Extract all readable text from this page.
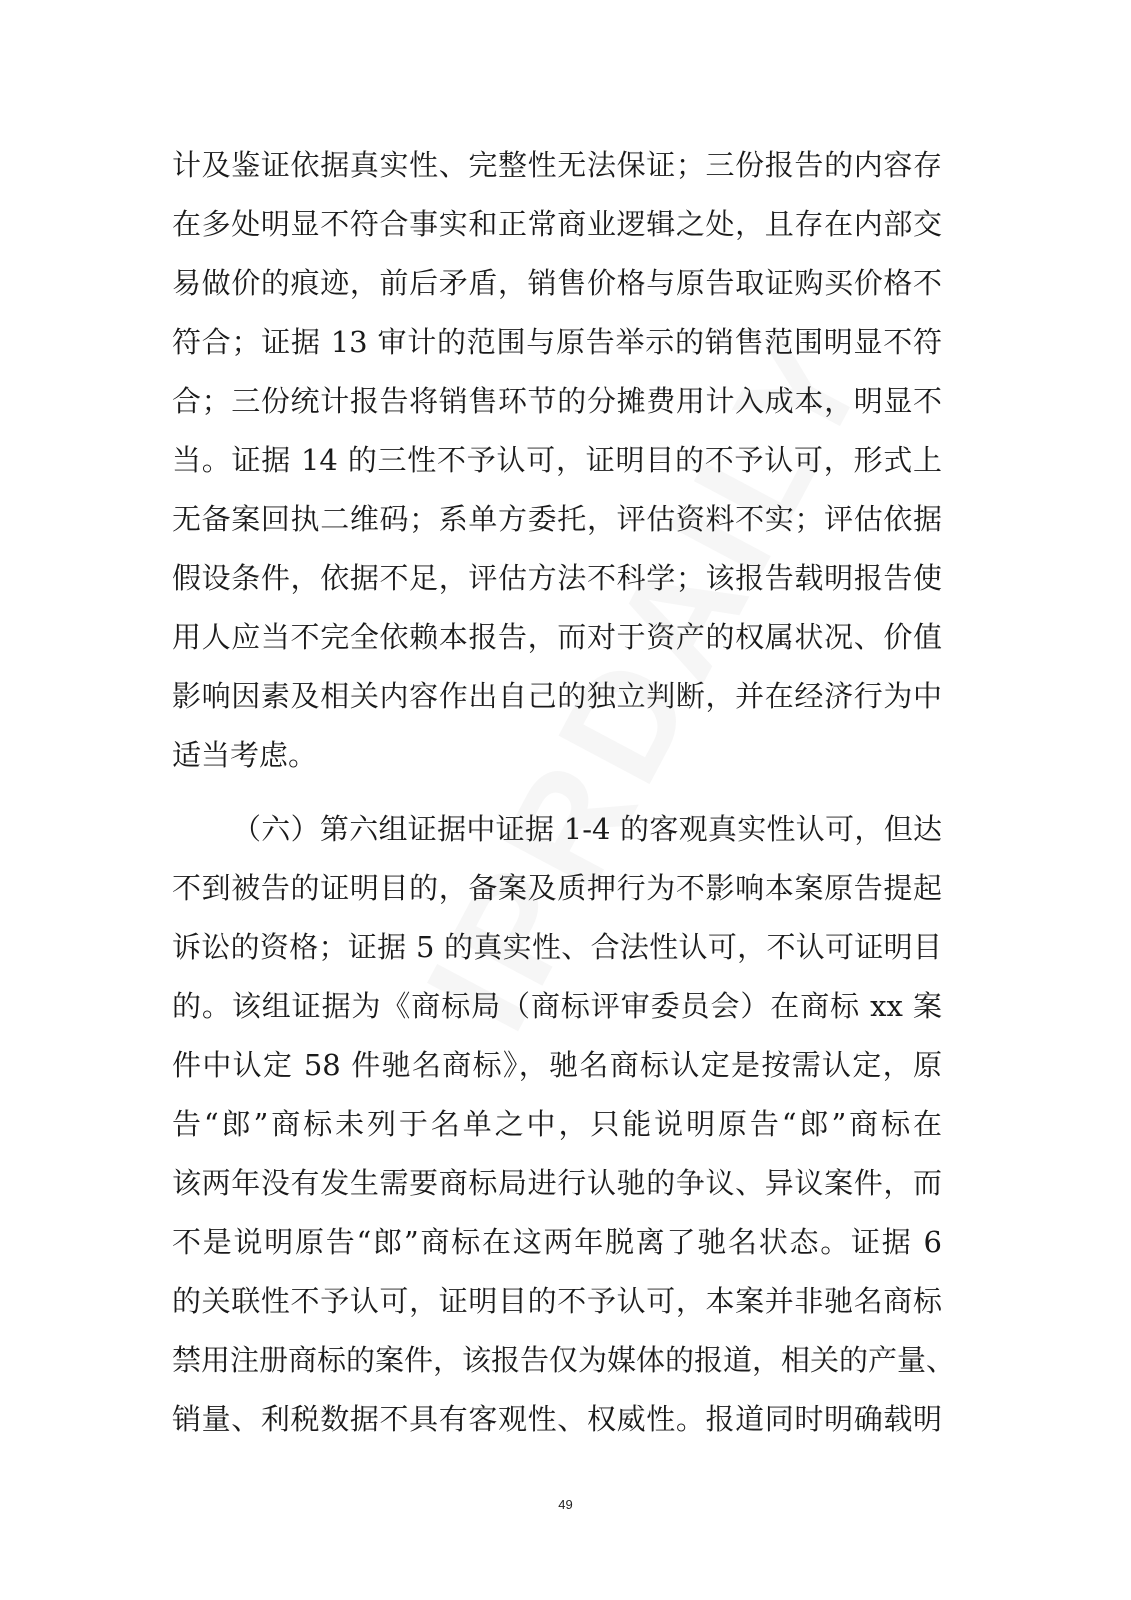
计及鉴证依据真实性、完整性无法保证；三份报告的内容存
在多处明显不符合事实和正常商业逻辑之处，且存在内部交
易做价的痕迹，前后矛盾，销售价格与原告取证购买价格不
符合；证据 13 审计的范围与原告举示的销售范围明显不符
合；三份统计报告将销售环节的分摊费用计入成本，明显不
当。证据 14 的三性不予认可，证明目的不予认可，形式上
无备案回执二维码；系单方委托，评估资料不实；评估依据
假设条件，依据不足，评估方法不科学；该报告载明报告使
用人应当不完全依赖本报告，而对于资产的权属状况、价值
影响因素及相关内容作出自己的独立判断，并在经济行为中
适当考虑。
（六）第六组证据中证据 1-4 的客观真实性认可，但达
不到被告的证明目的，备案及质押行为不影响本案原告提起
诉讼的资格；证据 5 的真实性、合法性认可，不认可证明目
的。该组证据为《商标局（商标评审委员会）在商标 xx 案
件中认定 58 件驰名商标》，驰名商标认定是按需认定，原
告“郎”商标未列于名单之中，只能说明原告“郎”商标在
该两年没有发生需要商标局进行认驰的争议、异议案件，而
不是说明原告“郎”商标在这两年脱离了驰名状态。证据 6
的关联性不予认可，证明目的不予认可，本案并非驰名商标
禁用注册商标的案件，该报告仅为媒体的报道，相关的产量、
销量、利税数据不具有客观性、权威性。报道同时明确载明
49
